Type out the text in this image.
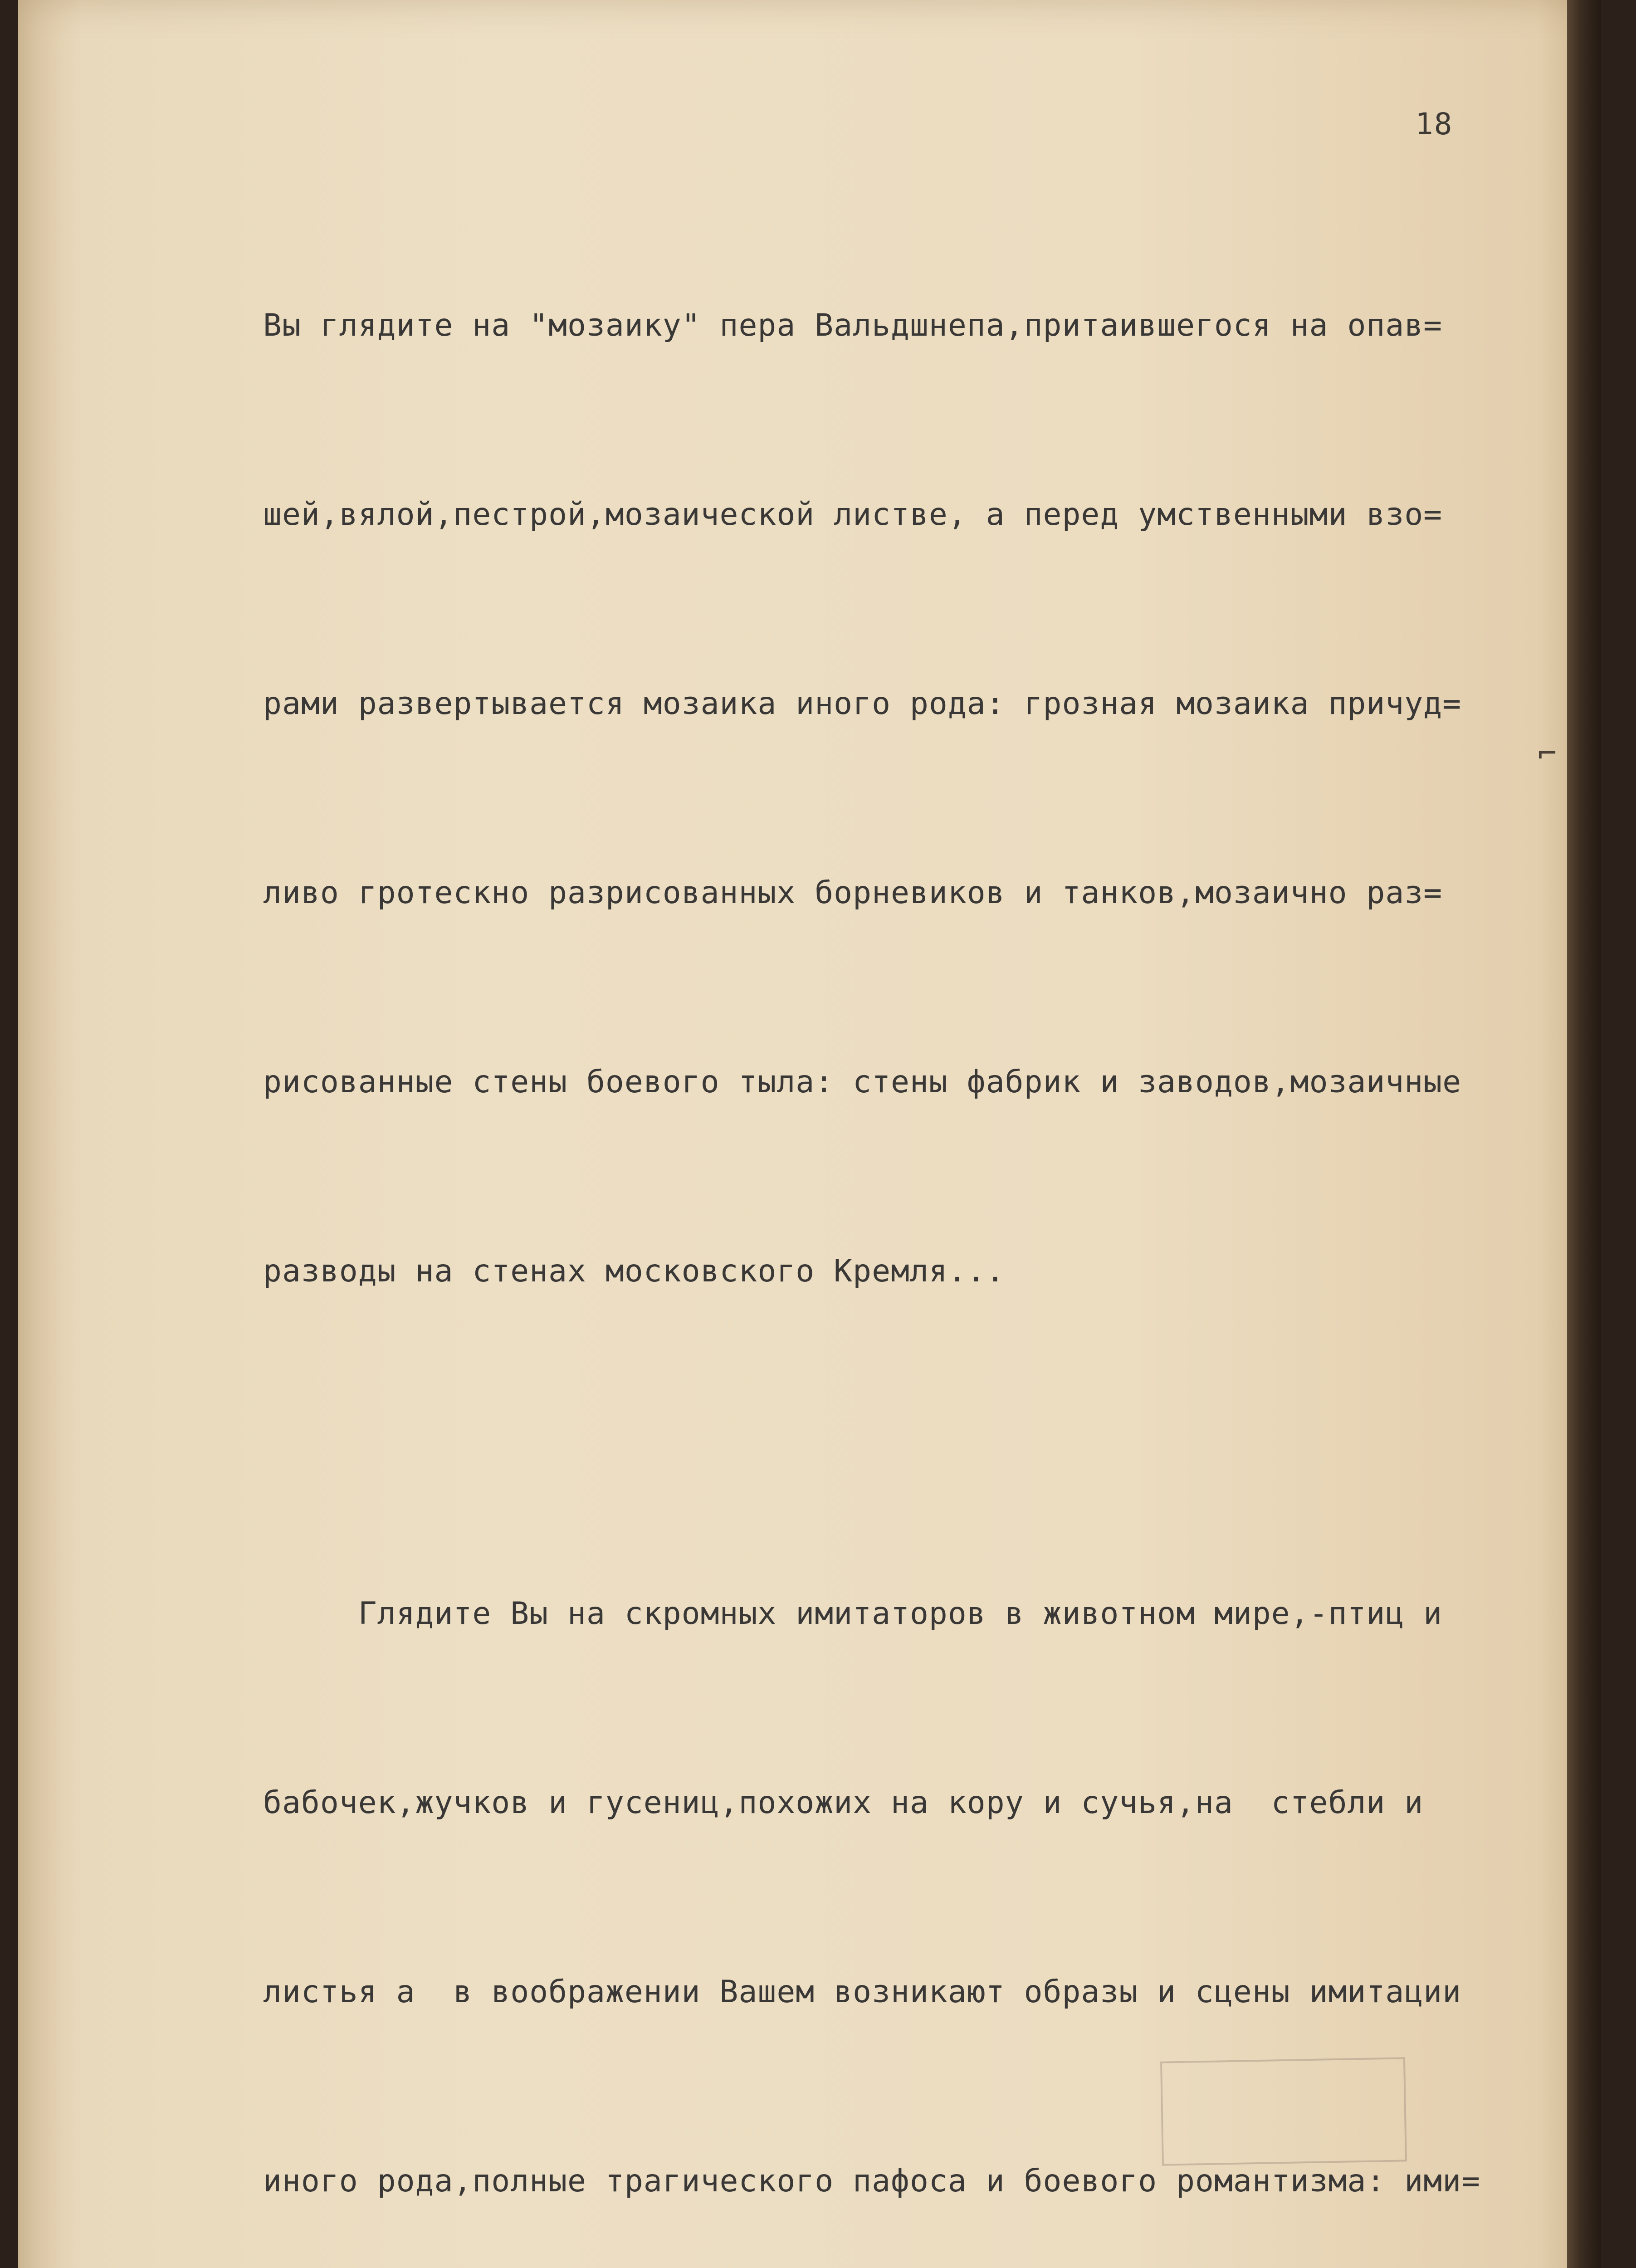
18

Вы глядите на "мозаику" пера Вальдшнепа,притаившегося на опав=

шей,вялой,пестрой,мозаической листве, а перед умственными взо=

рами развертывается мозаика иного рода: грозная мозаика причуд=

ливо гротескно разрисованных борневиков и танков,мозаично раз=

рисованные стены боевого тыла: стены фабрик и заводов,мозаичные

разводы на стенах московского Кремля...

Глядите Вы на скромных имитаторов в животном мире,-птиц и

бабочек,жучков и гусениц,похожих на кору и сучья,на  стебли и

листья а  в воображении Вашем возникают образы и сцены имитации

иного рода,полные трагического пафоса и боевого романтизма: ими=

⌐
